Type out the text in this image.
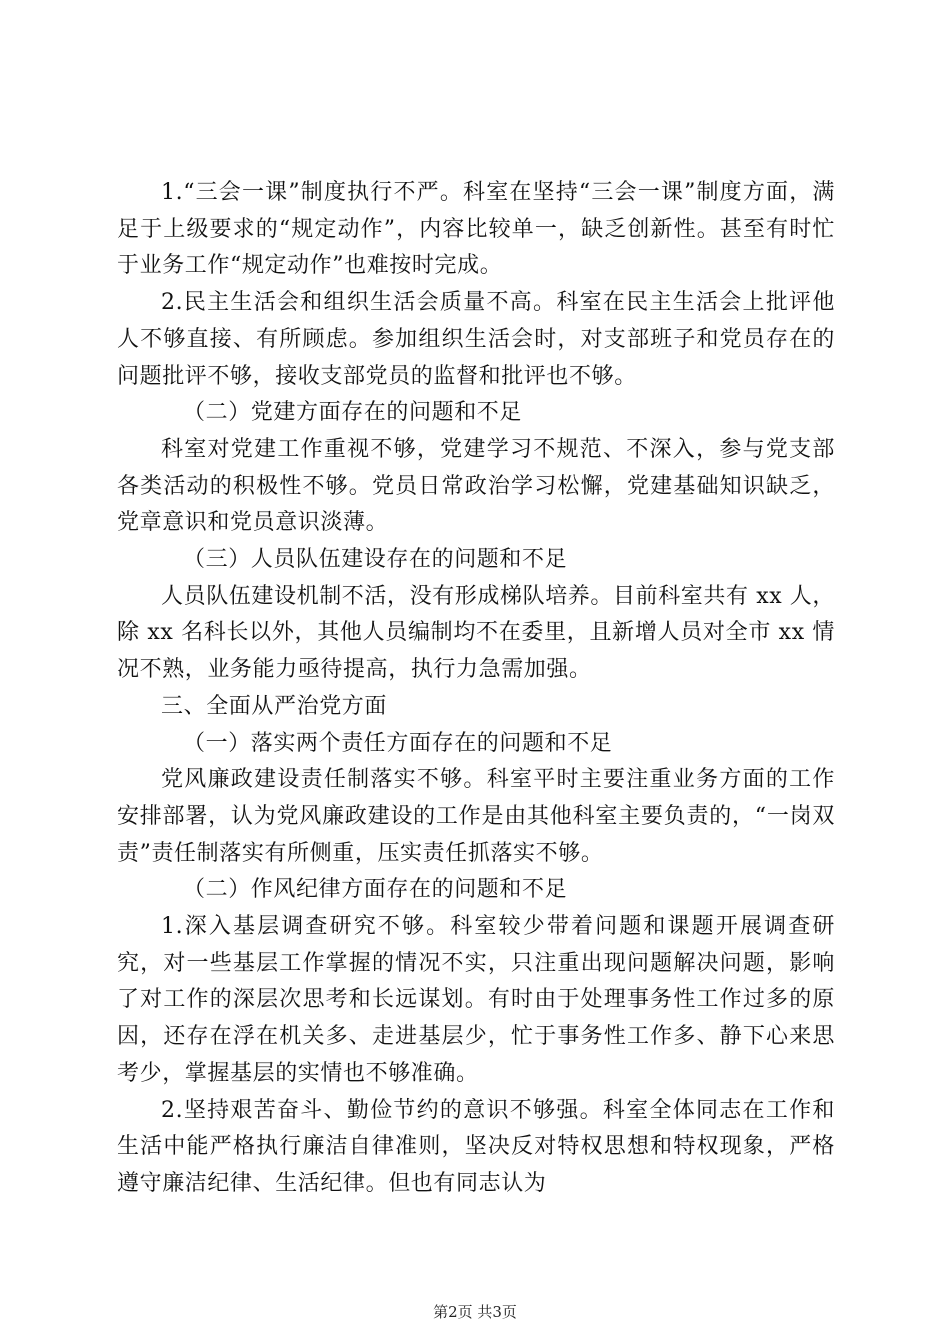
1.“三会一课”制度执行不严。科室在坚持“三会一课”制度方面，满足于上级要求的“规定动作”，内容比较单一，缺乏创新性。甚至有时忙于业务工作“规定动作”也难按时完成。

2.民主生活会和组织生活会质量不高。科室在民主生活会上批评他人不够直接、有所顾虑。参加组织生活会时，对支部班子和党员存在的问题批评不够，接收支部党员的监督和批评也不够。

（二）党建方面存在的问题和不足

科室对党建工作重视不够，党建学习不规范、不深入，参与党支部各类活动的积极性不够。党员日常政治学习松懈，党建基础知识缺乏，党章意识和党员意识淡薄。

（三）人员队伍建设存在的问题和不足

人员队伍建设机制不活，没有形成梯队培养。目前科室共有 xx 人，除 xx 名科长以外，其他人员编制均不在委里，且新增人员对全市 xx 情况不熟，业务能力亟待提高，执行力急需加强。

三、全面从严治党方面

（一）落实两个责任方面存在的问题和不足

党风廉政建设责任制落实不够。科室平时主要注重业务方面的工作安排部署，认为党风廉政建设的工作是由其他科室主要负责的，“一岗双责”责任制落实有所侧重，压实责任抓落实不够。

（二）作风纪律方面存在的问题和不足

1.深入基层调查研究不够。科室较少带着问题和课题开展调查研究，对一些基层工作掌握的情况不实，只注重出现问题解决问题，影响了对工作的深层次思考和长远谋划。有时由于处理事务性工作过多的原因，还存在浮在机关多、走进基层少，忙于事务性工作多、静下心来思考少，掌握基层的实情也不够准确。

2.坚持艰苦奋斗、勤俭节约的意识不够强。科室全体同志在工作和生活中能严格执行廉洁自律准则，坚决反对特权思想和特权现象，严格遵守廉洁纪律、生活纪律。但也有同志认为

第2页 共3页
